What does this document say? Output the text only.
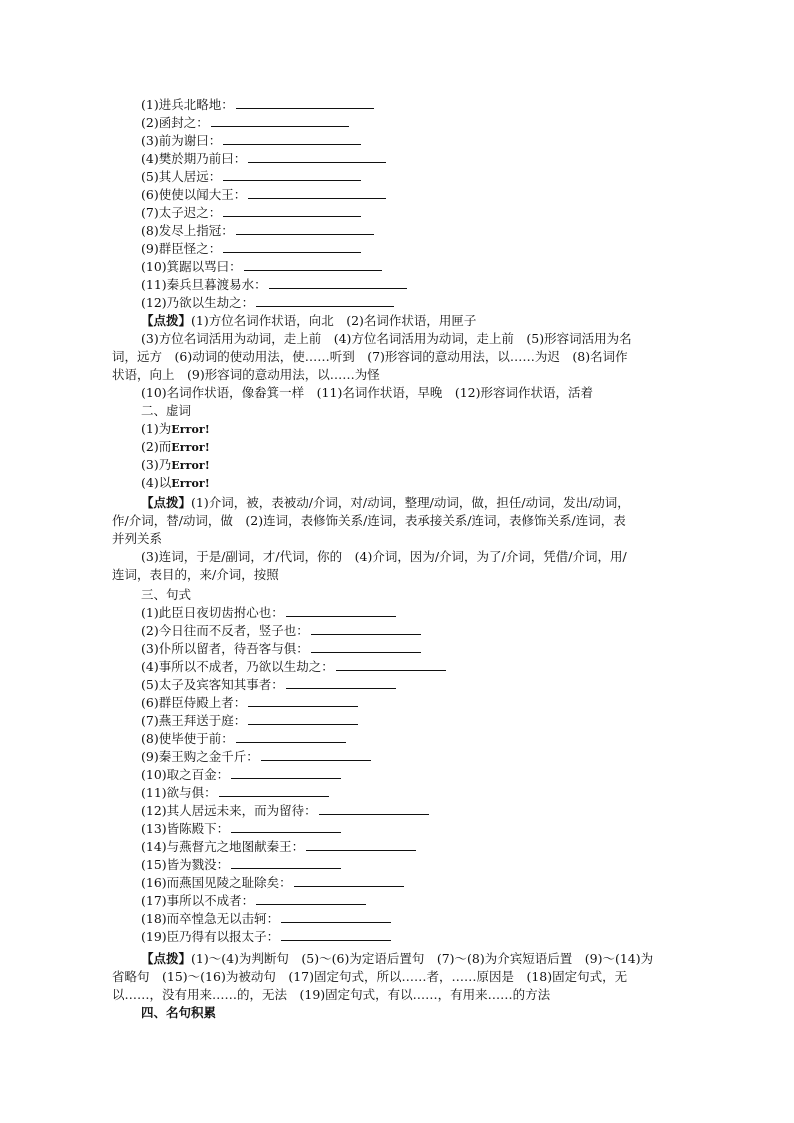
(1)进兵北略地：
(2)函封之：
(3)前为谢曰：
(4)樊於期乃前曰：
(5)其人居远：
(6)使使以闻大王：
(7)太子迟之：
(8)发尽上指冠：
(9)群臣怪之：
(10)箕踞以骂曰：
(11)秦兵旦暮渡易水：
(12)乃欲以生劫之：
【点拨】(1)方位名词作状语，向北　(2)名词作状语，用匣子
(3)方位名词活用为动词，走上前　(4)方位名词活用为动词，走上前　(5)形容词活用为名
词，远方　(6)动词的使动用法，使……听到　(7)形容词的意动用法，以……为迟　(8)名词作
状语，向上　(9)形容词的意动用法，以……为怪
(10)名词作状语，像畚箕一样　(11)名词作状语，早晚　(12)形容词作状语，活着
二、虚词
(1)为Error!
(2)而Error!
(3)乃Error!
(4)以Error!
【点拨】(1)介词，被，表被动/介词，对/动词，整理/动词，做，担任/动词，发出/动词，
作/介词，替/动词，做　(2)连词，表修饰关系/连词，表承接关系/连词，表修饰关系/连词，表
并列关系
(3)连词，于是/副词，才/代词，你的　(4)介词，因为/介词，为了/介词，凭借/介词，用/
连词，表目的，来/介词，按照
三、句式
(1)此臣日夜切齿拊心也：
(2)今日往而不反者，竖子也：
(3)仆所以留者，待吾客与俱：
(4)事所以不成者，乃欲以生劫之：
(5)太子及宾客知其事者：
(6)群臣侍殿上者：
(7)燕王拜送于庭：
(8)使毕使于前：
(9)秦王购之金千斤：
(10)取之百金：
(11)欲与俱：
(12)其人居远未来，而为留待：
(13)皆陈殿下：
(14)与燕督亢之地图献秦王：
(15)皆为戮没：
(16)而燕国见陵之耻除矣：
(17)事所以不成者：
(18)而卒惶急无以击轲：
(19)臣乃得有以报太子：
【点拨】(1)～(4)为判断句　(5)～(6)为定语后置句　(7)～(8)为介宾短语后置　(9)～(14)为
省略句　(15)～(16)为被动句　(17)固定句式，所以……者，……原因是　(18)固定句式，无
以……，没有用来……的，无法　(19)固定句式，有以……，有用来……的方法
四、名句积累
